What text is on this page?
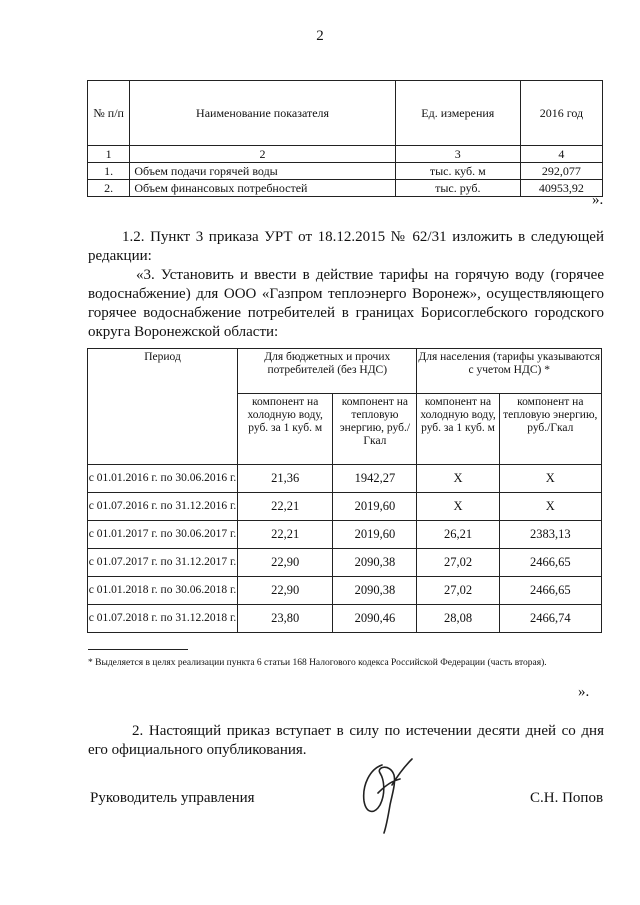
2
№ п/п	Наименование показателя	Ед. измерения	2016 год
1	2	3	4
1.	Объем подачи горячей воды	тыс. куб. м	292,077
2.	Объем финансовых потребностей	тыс. руб.	40953,92
».
1.2. Пункт 3 приказа УРТ от 18.12.2015 № 62/31 изложить в следующей редакции:
«3. Установить и ввести в действие тарифы на горячую воду (горячее водоснабжение) для ООО «Газпром теплоэнерго Воронеж», осуществляющего горячее водоснабжение потребителей в границах Борисоглебского городского округа Воронежской области:
Период	Для бюджетных и прочих потребителей (без НДС)		Для населения (тарифы указываются с учетом НДС) *	
	компонент на холодную воду, руб. за 1 куб. м	компонент на тепловую энергию, руб./Гкал	компонент на холодную воду, руб. за 1 куб. м	компонент на тепловую энергию, руб./Гкал
с 01.01.2016 г. по 30.06.2016 г.	21,36	1942,27	X	X
с 01.07.2016 г. по 31.12.2016 г.	22,21	2019,60	X	X
с 01.01.2017 г. по 30.06.2017 г.	22,21	2019,60	26,21	2383,13
с 01.07.2017 г. по 31.12.2017 г.	22,90	2090,38	27,02	2466,65
с 01.01.2018 г. по 30.06.2018 г.	22,90	2090,38	27,02	2466,65
с 01.07.2018 г. по 31.12.2018 г.	23,80	2090,46	28,08	2466,74
* Выделяется в целях реализации пункта 6 статьи 168 Налогового кодекса Российской Федерации (часть вторая).
».
2. Настоящий приказ вступает в силу по истечении десяти дней со дня его официального опубликования.
Руководитель управления	С.Н. Попов
